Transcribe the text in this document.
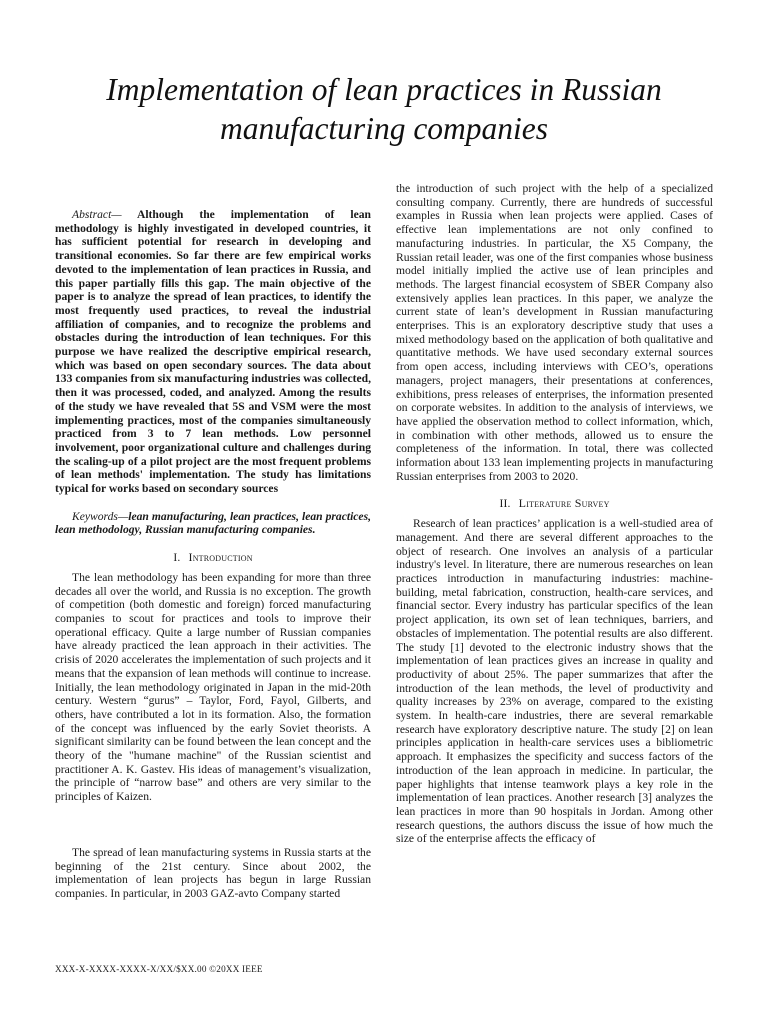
Implementation of lean practices in Russian manufacturing companies

Abstract— Although the implementation of lean methodology is highly investigated in developed countries, it has sufficient potential for research in developing and transitional economies. So far there are few empirical works devoted to the implementation of lean practices in Russia, and this paper partially fills this gap. The main objective of the paper is to analyze the spread of lean practices, to identify the most frequently used practices, to reveal the industrial affiliation of companies, and to recognize the problems and obstacles during the introduction of lean techniques. For this purpose we have realized the descriptive empirical research, which was based on open secondary sources. The data about 133 companies from six manufacturing industries was collected, then it was processed, coded, and analyzed. Among the results of the study we have revealed that 5S and VSM were the most implementing practices, most of the companies simultaneously practiced from 3 to 7 lean methods. Low personnel involvement, poor organizational culture and challenges during the scaling-up of a pilot project are the most frequent problems of lean methods' implementation. The study has limitations typical for works based on secondary sources

Keywords—lean manufacturing, lean practices, lean practices, lean methodology, Russian manufacturing companies.

I. Introduction

The lean methodology has been expanding for more than three decades all over the world, and Russia is no exception. The growth of competition (both domestic and foreign) forced manufacturing companies to scout for practices and tools to improve their operational efficacy. Quite a large number of Russian companies have already practiced the lean approach in their activities. The crisis of 2020 accelerates the implementation of such projects and it means that the expansion of lean methods will continue to increase. Initially, the lean methodology originated in Japan in the mid-20th century. Western “gurus” – Taylor, Ford, Fayol, Gilberts, and others, have contributed a lot in its formation. Also, the formation of the concept was influenced by the early Soviet theorists. A significant similarity can be found between the lean concept and the theory of the "humane machine" of the Russian scientist and practitioner A. K. Gastev. His ideas of management’s visualization, the principle of “narrow base” and others are very similar to the principles of Kaizen.

The spread of lean manufacturing systems in Russia starts at the beginning of the 21st century. Since about 2002, the implementation of lean projects has begun in large Russian companies. In particular, in 2003 GAZ-avto Company started

the introduction of such project with the help of a specialized consulting company. Currently, there are hundreds of successful examples in Russia when lean projects were applied. Cases of effective lean implementations are not only confined to manufacturing industries. In particular, the X5 Company, the Russian retail leader, was one of the first companies whose business model initially implied the active use of lean principles and methods. The largest financial ecosystem of SBER Company also extensively applies lean practices. In this paper, we analyze the current state of lean’s development in Russian manufacturing enterprises. This is an exploratory descriptive study that uses a mixed methodology based on the application of both qualitative and quantitative methods. We have used secondary external sources from open access, including interviews with CEO’s, operations managers, project managers, their presentations at conferences, exhibitions, press releases of enterprises, the information presented on corporate websites. In addition to the analysis of interviews, we have applied the observation method to collect information, which, in combination with other methods, allowed us to ensure the completeness of the information. In total, there was collected information about 133 lean implementing projects in manufacturing Russian enterprises from 2003 to 2020.

II. Literature Survey

Research of lean practices’ application is a well-studied area of management. And there are several different approaches to the object of research. One involves an analysis of a particular industry's level. In literature, there are numerous researches on lean practices introduction in manufacturing industries: machine-building, metal fabrication, construction, health-care services, and financial sector. Every industry has particular specifics of the lean project application, its own set of lean techniques, barriers, and obstacles of implementation. The potential results are also different. The study [1] devoted to the electronic industry shows that the implementation of lean practices gives an increase in quality and productivity of about 25%. The paper summarizes that after the introduction of the lean methods, the level of productivity and quality increases by 23% on average, compared to the existing system. In health-care industries, there are several remarkable research have exploratory descriptive nature. The study [2] on lean principles application in health-care services uses a bibliometric approach. It emphasizes the specificity and success factors of the introduction of the lean approach in medicine. In particular, the paper highlights that intense teamwork plays a key role in the implementation of lean practices. Another research [3] analyzes the lean practices in more than 90 hospitals in Jordan. Among other research questions, the authors discuss the issue of how much the size of the enterprise affects the efficacy of

XXX-X-XXXX-XXXX-X/XX/$XX.00 ©20XX IEEE
